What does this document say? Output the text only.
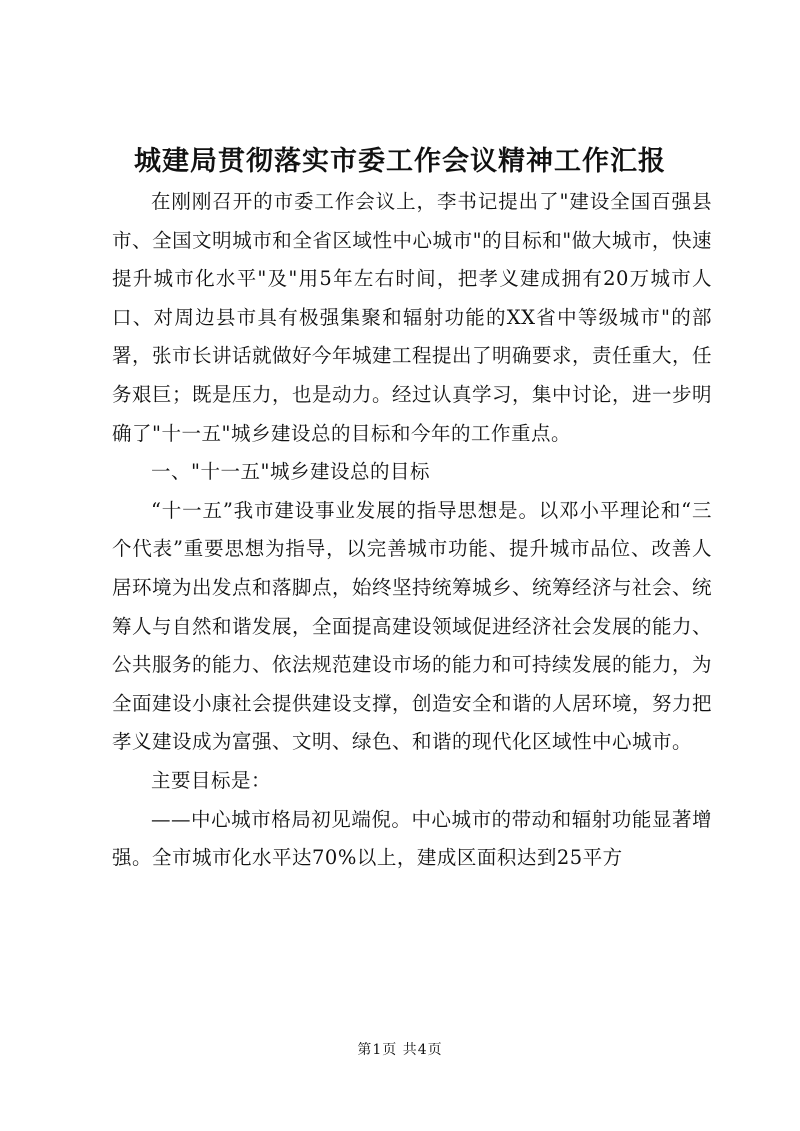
城建局贯彻落实市委工作会议精神工作汇报

在刚刚召开的市委工作会议上，李书记提出了"建设全国百强县市、全国文明城市和全省区域性中心城市"的目标和"做大城市，快速提升城市化水平"及"用5年左右时间，把孝义建成拥有20万城市人口、对周边县市具有极强集聚和辐射功能的XX省中等级城市"的部署，张市长讲话就做好今年城建工程提出了明确要求，责任重大，任务艰巨；既是压力，也是动力。经过认真学习，集中讨论，进一步明确了"十一五"城乡建设总的目标和今年的工作重点。

一、"十一五"城乡建设总的目标

“十一五”我市建设事业发展的指导思想是。以邓小平理论和“三个代表”重要思想为指导，以完善城市功能、提升城市品位、改善人居环境为出发点和落脚点，始终坚持统筹城乡、统筹经济与社会、统筹人与自然和谐发展，全面提高建设领域促进经济社会发展的能力、公共服务的能力、依法规范建设市场的能力和可持续发展的能力，为全面建设小康社会提供建设支撑，创造安全和谐的人居环境，努力把孝义建设成为富强、文明、绿色、和谐的现代化区域性中心城市。

主要目标是：

——中心城市格局初见端倪。中心城市的带动和辐射功能显著增强。全市城市化水平达70%以上，建成区面积达到25平方

第1页 共4页
